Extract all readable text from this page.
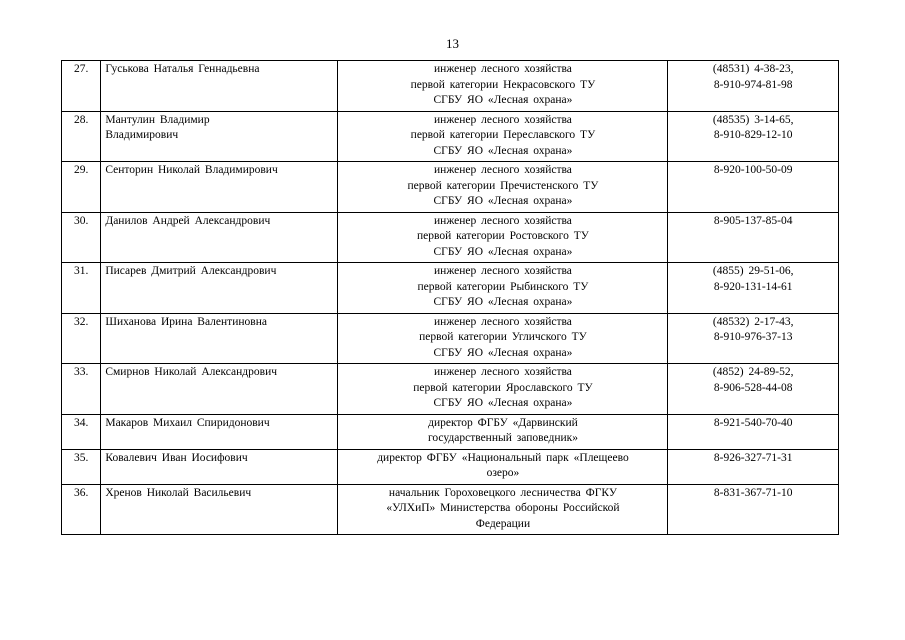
13
27.	Гуськова Наталья Геннадьевна	инженер лесного хозяйства
первой категории Некрасовского ТУ
СГБУ ЯО «Лесная охрана»	(48531) 4-38-23,
8-910-974-81-98

28.	Мантулин Владимир
Владимирович	инженер лесного хозяйства
первой категории Переславского ТУ
СГБУ ЯО «Лесная охрана»	(48535) 3-14-65,
8-910-829-12-10

29.	Сенторин Николай Владимирович	инженер лесного хозяйства
первой категории Пречистенского ТУ
СГБУ ЯО «Лесная охрана»	8-920-100-50-09

30.	Данилов Андрей Александрович	инженер лесного хозяйства
первой категории Ростовского ТУ
СГБУ ЯО «Лесная охрана»	8-905-137-85-04

31.	Писарев Дмитрий Александрович	инженер лесного хозяйства
первой категории Рыбинского ТУ
СГБУ ЯО «Лесная охрана»	(4855) 29-51-06,
8-920-131-14-61

32.	Шиханова Ирина Валентиновна	инженер лесного хозяйства
первой категории Угличского ТУ
СГБУ ЯО «Лесная охрана»	(48532) 2-17-43,
8-910-976-37-13

33.	Смирнов Николай Александрович	инженер лесного хозяйства
первой категории Ярославского ТУ
СГБУ ЯО «Лесная охрана»	(4852) 24-89-52,
8-906-528-44-08

34.	Макаров Михаил Спиридонович	директор ФГБУ «Дарвинский
государственный заповедник»	8-921-540-70-40

35.	Ковалевич Иван Иосифович	директор ФГБУ «Национальный парк «Плещеево
озеро»	8-926-327-71-31

36.	Хренов Николай Васильевич	начальник Гороховецкого лесничества ФГКУ
«УЛХиП» Министерства обороны Российской
Федерации	8-831-367-71-10
